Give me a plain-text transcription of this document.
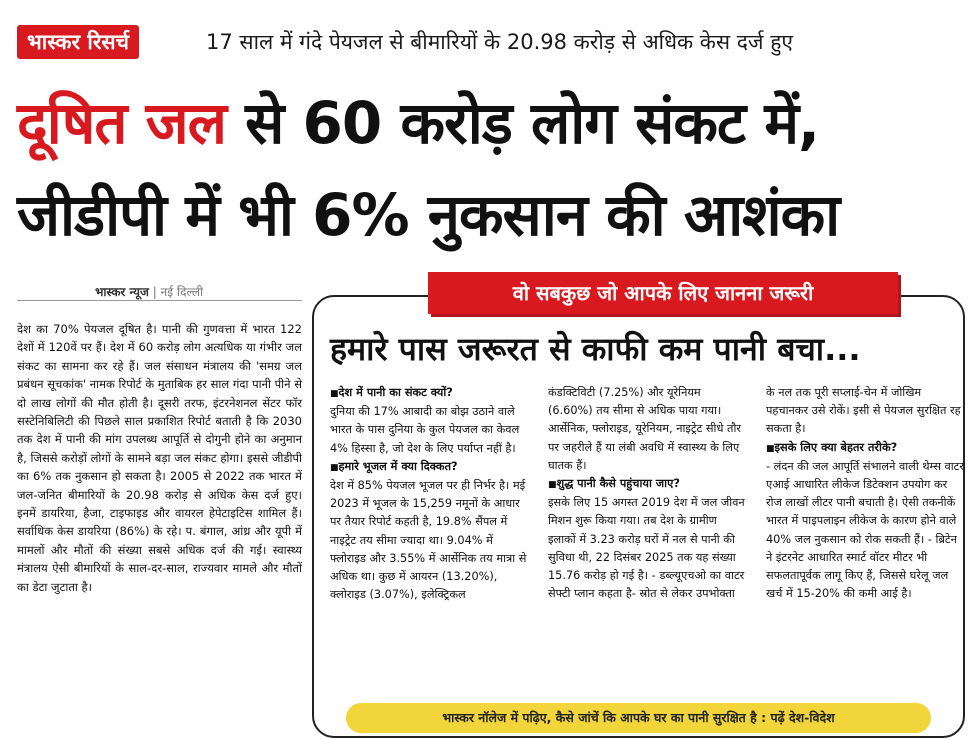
भास्कर रिसर्च	17 साल में गंदे पेयजल से बीमारियों के 20.98 करोड़ से अधिक केस दर्ज हुए
दूषित जल से 60 करोड़ लोग संकट में,
जीडीपी में भी 6% नुकसान की आशंका
भास्कर न्यूज | नई दिल्ली
देश का 70% पेयजल दूषित है। पानी की गुणवत्ता में भारत 122 देशों में 120वें पर हैं। देश में 60 करोड़ लोग अत्यधिक या गंभीर जल संकट का सामना कर रहे हैं। जल संसाधन मंत्रालय की 'समग्र जल प्रबंधन सूचकांक' नामक रिपोर्ट के मुताबिक हर साल गंदा पानी पीने से दो लाख लोगों की मौत होती है। दूसरी तरफ, इंटरनेशनल सेंटर फॉर सस्टेनिबिलिटी की पिछले साल प्रकाशित रिपोर्ट बताती है कि 2030 तक देश में पानी की मांग उपलब्ध आपूर्ति से दोगुनी होने का अनुमान है, जिससे करोड़ों लोगों के सामने बड़ा जल संकट होगा। इससे जीडीपी का 6% तक नुकसान हो सकता है। 2005 से 2022 तक भारत में जल-जनित बीमारियों के 20.98 करोड़ से अधिक केस दर्ज हुए। इनमें डायरिया, हैजा, टाइफाइड और वायरल हेपेटाइटिस शामिल हैं। सर्वाधिक केस डायरिया (86%) के रहे। प. बंगाल, आंध्र और यूपी में मामलों और मौतों की संख्या सबसे अधिक दर्ज की गई। स्वास्थ्य मंत्रालय ऐसी बीमारियों के साल-दर-साल, राज्यवार मामले और मौतों का डेटा जुटाता है।
वो सबकुछ जो आपके लिए जानना जरूरी
हमारे पास जरूरत से काफी कम पानी बचा...
■ देश में पानी का संकट क्यों?
दुनिया की 17% आबादी का बोझ उठाने वाले भारत के पास दुनिया के कुल पेयजल का केवल 4% हिस्सा है, जो देश के लिए पर्याप्त नहीं है।
■ हमारे भूजल में क्या दिक्कत?
देश में 85% पेयजल भूजल पर ही निर्भर है। मई 2023 में भूजल के 15,259 नमूनों के आधार पर तैयार रिपोर्ट कहती है, 19.8% सैंपल में नाइट्रेट तय सीमा ज्यादा था। 9.04% में फ्लोराइड और 3.55% में आर्सेनिक तय मात्रा से अधिक था। कुछ में आयरन (13.20%), क्लोराइड (3.07%), इलेक्ट्रिकल
कंडक्टिविटी (7.25%) और यूरेनियम (6.60%) तय सीमा से अधिक पाया गया। आर्सेनिक, फ्लोराइड, यूरेनियम, नाइट्रेट सीधे तौर पर जहरीले हैं या लंबी अवधि में स्वास्थ्य के लिए घातक हैं।
■ शुद्ध पानी कैसे पहुंचाया जाए?
इसके लिए 15 अगस्त 2019 देश में जल जीवन मिशन शुरू किया गया। तब देश के ग्रामीण इलाकों में 3.23 करोड़ घरों में नल से पानी की सुविधा थी, 22 दिसंबर 2025 तक यह संख्या 15.76 करोड़ हो गई है। - डब्ल्यूएचओ का वाटर सेफ्टी प्लान कहता है- स्रोत से लेकर उपभोक्ता
के नल तक पूरी सप्लाई-चेन में जोखिम पहचानकर उसे रोकें। इसी से पेयजल सुरक्षित रह सकता है।
■ इसके लिए क्या बेहतर तरीके?
- लंदन की जल आपूर्ति संभालने वाली थेम्स वाटर एआई आधारित लीकेज डिटेक्शन उपयोग कर रोज लाखों लीटर पानी बचाती है। ऐसी तकनीकें भारत में पाइपलाइन लीकेज के कारण होने वाले 40% जल नुकसान को रोक सकती हैं। - ब्रिटेन ने इंटरनेट आधारित स्मार्ट वॉटर मीटर भी सफलतापूर्वक लागू किए हैं, जिससे घरेलू जल खर्च में 15-20% की कमी आई है।
भास्कर नॉलेज में पढ़िए, कैसे जांचें कि आपके घर का पानी सुरक्षित है : पढ़ें देश-विदेश
